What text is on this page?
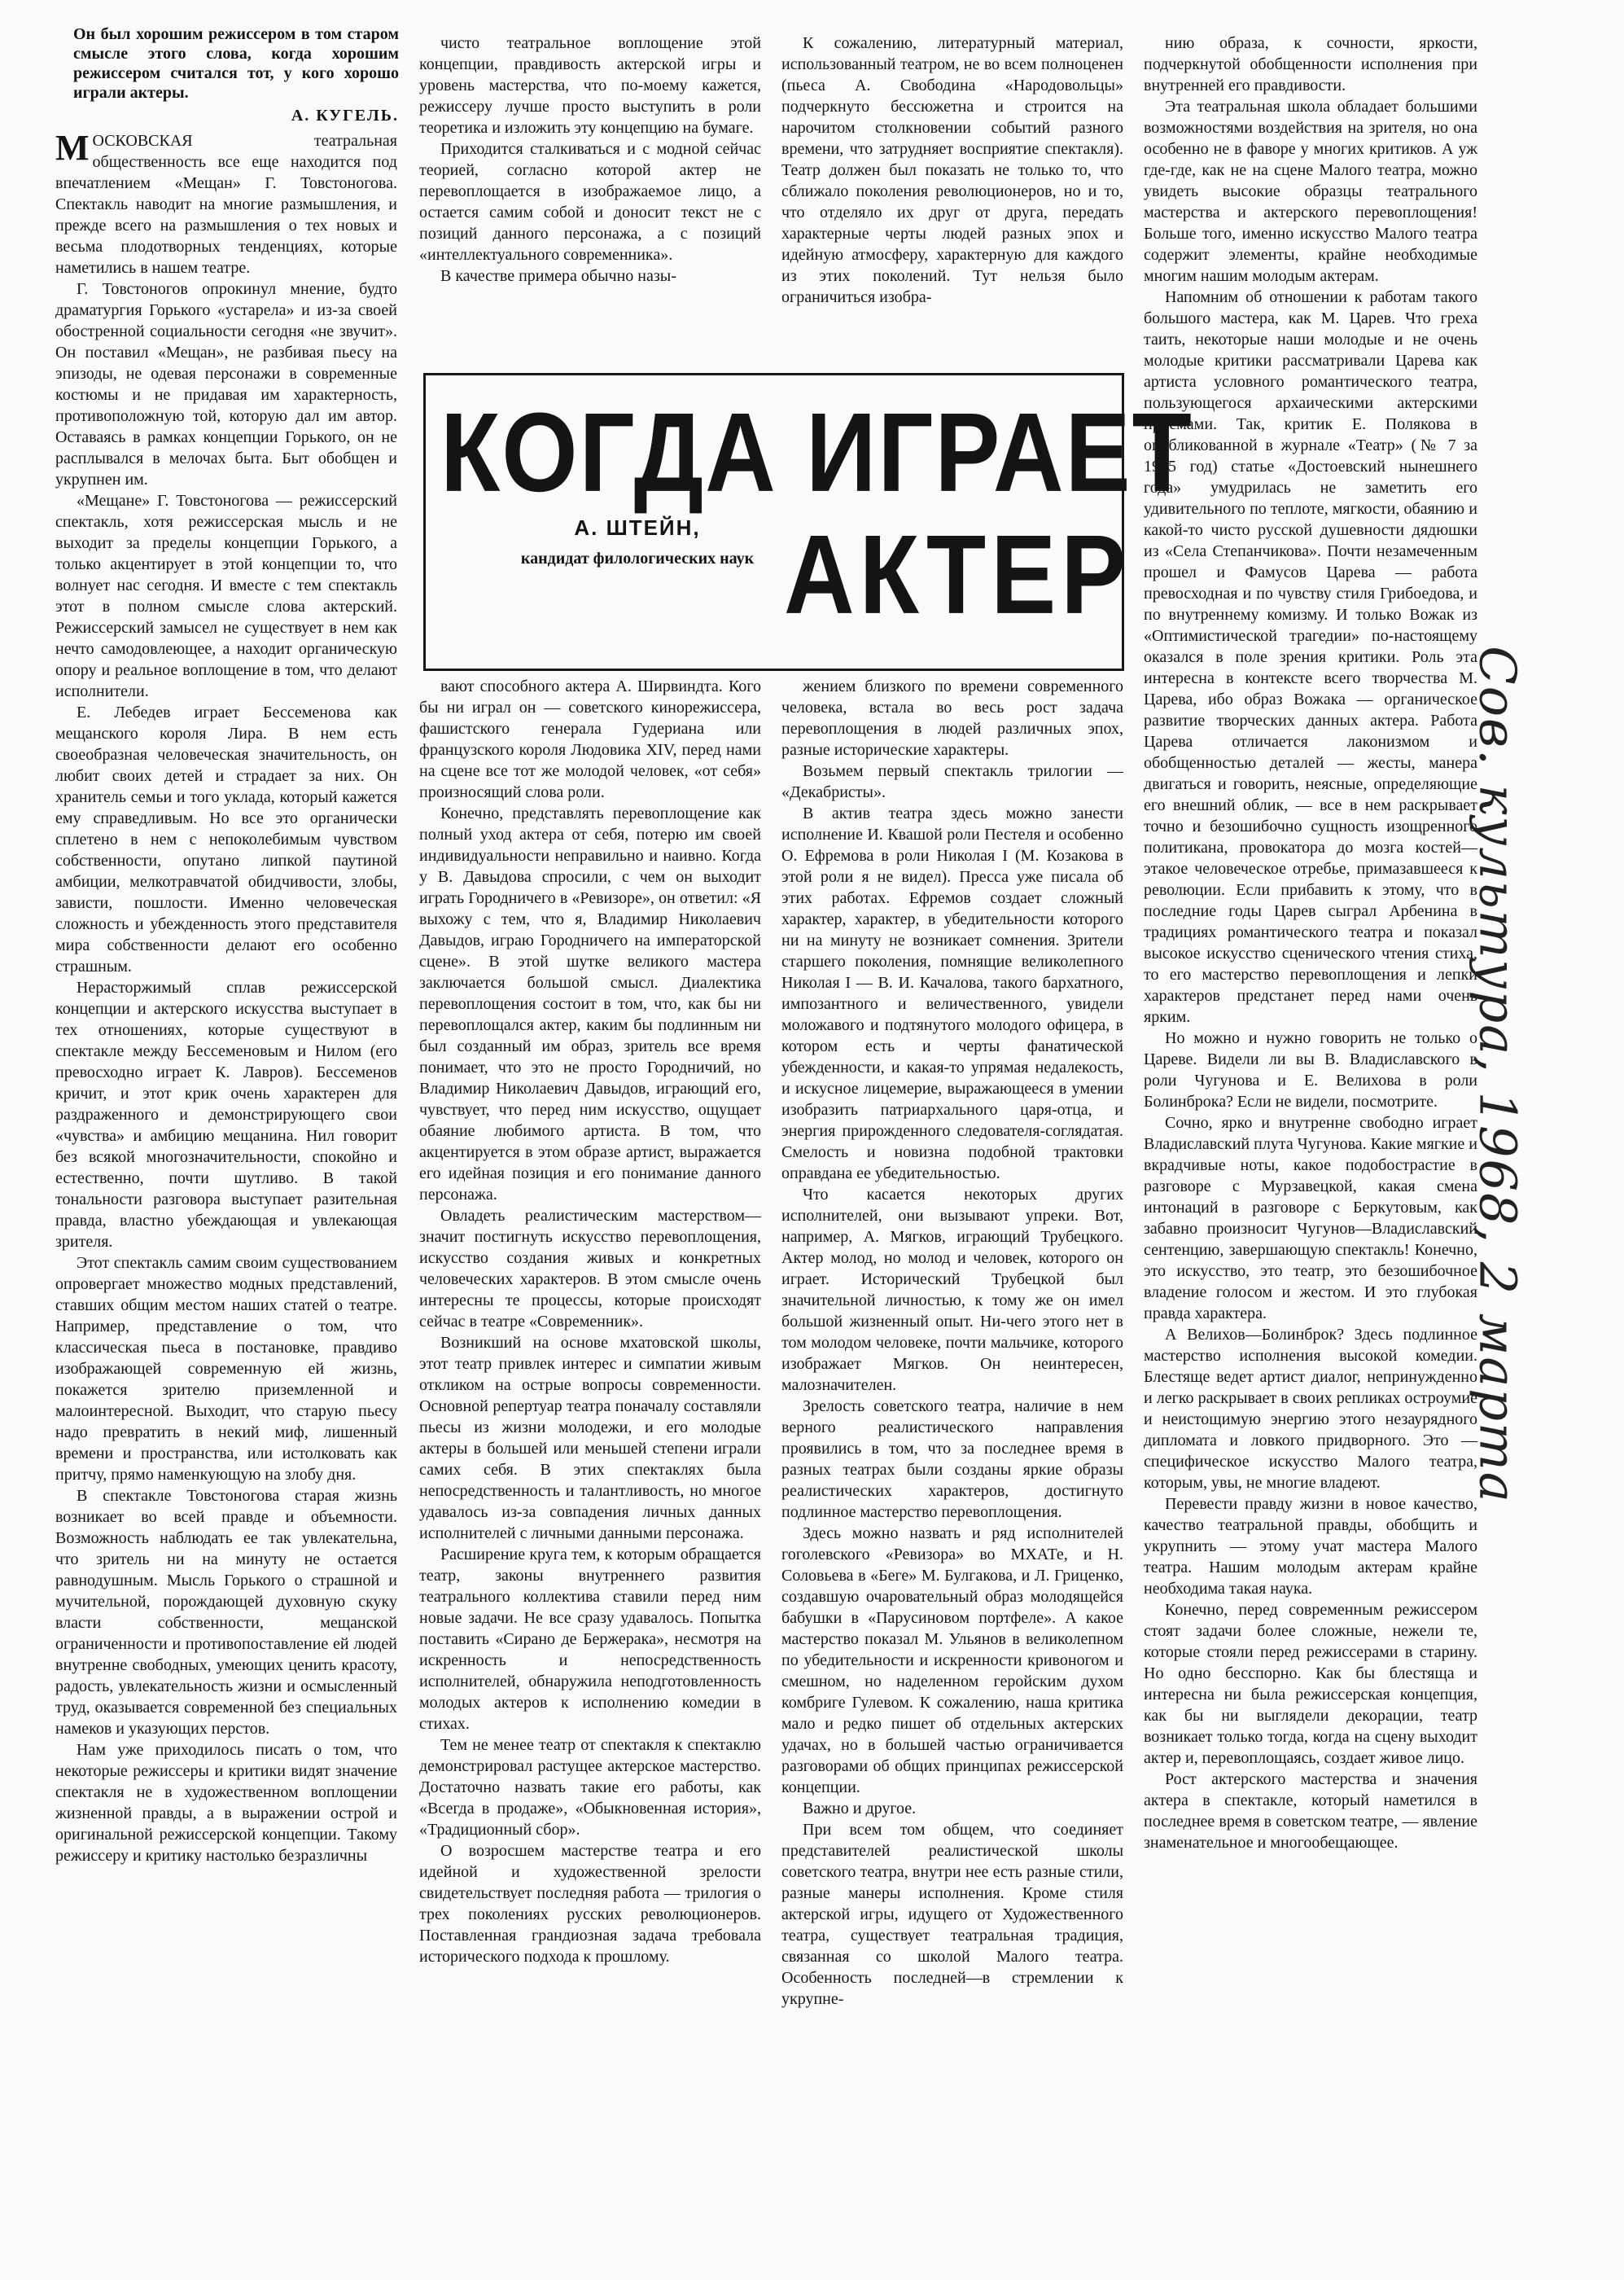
Он был хорошим режиссером в том старом смысле этого слова, когда хорошим режиссером считался тот, у кого хорошо играли актеры.
А. КУГЕЛЬ.

МОСКОВСКАЯ театральная общественность все еще находится под впечатлением «Мещан» Г. Товстоногова. Спектакль наводит на многие размышления, и прежде всего на размышления о тех новых и весьма плодотворных тенденциях, которые наметились в нашем театре.

Г. Товстоногов опрокинул мнение, будто драматургия Горького «устарела» и из-за своей обостренной социальности сегодня «не звучит». Он поставил «Мещан», не разбивая пьесу на эпизоды, не одевая персонажи в современные костюмы и не придавая им характерность, противоположную той, которую дал им автор. Оставаясь в рамках концепции Горького, он не расплывался в мелочах быта. Быт обобщен и укрупнен им.

«Мещане» Г. Товстоногова — режиссерский спектакль, хотя режиссерская мысль и не выходит за пределы концепции Горького, а только акцентирует в этой концепции то, что волнует нас сегодня. И вместе с тем спектакль этот в полном смысле слова актерский. Режиссерский замысел не существует в нем как нечто самодовлеющее, а находит органическую опору и реальное воплощение в том, что делают исполнители.

Е. Лебедев играет Бессеменова как мещанского короля Лира. В нем есть своеобразная человеческая значительность, он любит своих детей и страдает за них. Он хранитель семьи и того уклада, который кажется ему справедливым. Но все это органически сплетено в нем с непоколебимым чувством собственности, опутано липкой паутиной амбиции, мелкотравчатой обидчивости, злобы, зависти, пошлости. Именно человеческая сложность и убежденность этого представителя мира собственности делают его особенно страшным.

Нерасторжимый сплав режиссерской концепции и актерского искусства выступает в тех отношениях, которые существуют в спектакле между Бессеменовым и Нилом (его превосходно играет К. Лавров). Бессеменов кричит, и этот крик очень характерен для раздраженного и демонстрирующего свои «чувства» и амбицию мещанина. Нил говорит без всякой многозначительности, спокойно и естественно, почти шутливо. В такой тональности разговора выступает разительная правда, властно убеждающая и увлекающая зрителя.

Этот спектакль самим своим существованием опровергает множество модных представлений, ставших общим местом наших статей о театре. Например, представление о том, что классическая пьеса в постановке, правдиво изображающей современную ей жизнь, покажется зрителю приземленной и малоинтересной. Выходит, что старую пьесу надо превратить в некий миф, лишенный времени и пространства, или истолковать как притчу, прямо наменкующую на злобу дня.

В спектакле Товстоногова старая жизнь возникает во всей правде и объемности. Возможность наблюдать ее так увлекательна, что зритель ни на минуту не остается равнодушным. Мысль Горького о страшной и мучительной, порождающей духовную скуку власти собственности, мещанской ограниченности и противопоставление ей людей внутренне свободных, умеющих ценить красоту, радость, увлекательность жизни и осмысленный труд, оказывается современной без специальных намеков и указующих перстов.

Нам уже приходилось писать о том, что некоторые режиссеры и критики видят значение спектакля не в художественном воплощении жизненной правды, а в выражении острой и оригинальной режиссерской концепции. Такому режиссеру и критику настолько безразличны

чисто театральное воплощение этой концепции, правдивость актерской игры и уровень мастерства, что по-моему кажется, режиссеру лучше просто выступить в роли теоретика и изложить эту концепцию на бумаге.

Приходится сталкиваться и с модной сейчас теорией, согласно которой актер не перевоплощается в изображаемое лицо, а остается самим собой и доносит текст не с позиций данного персонажа, а с позиций «интеллектуального современника».

В качестве примера обычно назы-

К сожалению, литературный материал, использованный театром, не во всем полноценен (пьеса А. Свободина «Народовольцы» подчеркнуто бессюжетна и строится на нарочитом столкновении событий разного времени, что затрудняет восприятие спектакля). Театр должен был показать не только то, что сближало поколения революционеров, но и то, что отделяло их друг от друга, передать характерные черты людей разных эпох и идейную атмосферу, характерную для каждого из этих поколений. Тут нельзя было ограничиться изобра-

КОГДА ИГРАЕТ
А. ШТЕЙН,
кандидат филологических наук АКТЕР

вают способного актера А. Ширвиндта. Кого бы ни играл он — советского кинорежиссера, фашистского генерала Гудериана или французского короля Людовика XIV, перед нами на сцене все тот же молодой человек, «от себя» произносящий слова роли.

Конечно, представлять перевоплощение как полный уход актера от себя, потерю им своей индивидуальности неправильно и наивно. Когда у В. Давыдова спросили, с чем он выходит играть Городничего в «Ревизоре», он ответил: «Я выхожу с тем, что я, Владимир Николаевич Давыдов, играю Городничего на императорской сцене». В этой шутке великого мастера заключается большой смысл. Диалектика перевоплощения состоит в том, что, как бы ни перевоплощался актер, каким бы подлинным ни был созданный им образ, зритель все время понимает, что это не просто Городничий, но Владимир Николаевич Давыдов, играющий его, чувствует, что перед ним искусство, ощущает обаяние любимого артиста. В том, что акцентируется в этом образе артист, выражается его идейная позиция и его понимание данного персонажа.

Овладеть реалистическим мастерством—значит постигнуть искусство перевоплощения, искусство создания живых и конкретных человеческих характеров. В этом смысле очень интересны те процессы, которые происходят сейчас в театре «Современник».

Возникший на основе мхатовской школы, этот театр привлек интерес и симпатии живым откликом на острые вопросы современности. Основной репертуар театра поначалу составляли пьесы из жизни молодежи, и его молодые актеры в большей или меньшей степени играли самих себя. В этих спектаклях была непосредственность и талантливость, но многое удавалось из-за совпадения личных данных исполнителей с личными данными персонажа.

Расширение круга тем, к которым обращается театр, законы внутреннего развития театрального коллектива ставили перед ним новые задачи. Не все сразу удавалось. Попытка поставить «Сирано де Бержерака», несмотря на искренность и непосредственность исполнителей, обнаружила неподготовленность молодых актеров к исполнению комедии в стихах.

Тем не менее театр от спектакля к спектаклю демонстрировал растущее актерское мастерство. Достаточно назвать такие его работы, как «Всегда в продаже», «Обыкновенная история», «Традиционный сбор».

О возросшем мастерстве театра и его идейной и художественной зрелости свидетельствует последняя работа — трилогия о трех поколениях русских революционеров. Поставленная грандиозная задача требовала исторического подхода к прошлому.

жением близкого по времени современного человека, встала во весь рост задача перевоплощения в людей различных эпох, разные исторические характеры.

Возьмем первый спектакль трилогии — «Декабристы».

В актив театра здесь можно занести исполнение И. Квашой роли Пестеля и особенно О. Ефремова в роли Николая I (М. Козакова в этой роли я не видел). Пресса уже писала об этих работах. Ефремов создает сложный характер, характер, в убедительности которого ни на минуту не возникает сомнения. Зрители старшего поколения, помнящие великолепного Николая I — В. И. Качалова, такого бархатного, импозантного и величественного, увидели моложавого и подтянутого молодого офицера, в котором есть и черты фанатической убежденности, и какая-то упрямая недалекость, и искусное лицемерие, выражающееся в умении изобразить патриархального царя-отца, и энергия прирожденного следователя-соглядатая. Смелость и новизна подобной трактовки оправдана ее убедительностью.

Что касается некоторых других исполнителей, они вызывают упреки. Вот, например, А. Мягков, играющий Трубецкого. Актер молод, но молод и человек, которого он играет. Исторический Трубецкой был значительной личностью, к тому же он имел большой жизненный опыт. Ни-чего этого нет в том молодом человеке, почти мальчике, которого изображает Мягков. Он неинтересен, малозначителен.

Зрелость советского театра, наличие в нем верного реалистического направления проявились в том, что за последнее время в разных театрах были созданы яркие образы реалистических характеров, достигнуто подлинное мастерство перевоплощения.

Здесь можно назвать и ряд исполнителей гоголевского «Ревизора» во МХАТе, и Н. Соловьева в «Беге» М. Булгакова, и Л. Гриценко, создавшую очаровательный образ молодящейся бабушки в «Парусиновом портфеле». А какое мастерство показал М. Ульянов в великолепном по убедительности и искренности кривоногом и смешном, но наделенном геройским духом комбриге Гулевом. К сожалению, наша критика мало и редко пишет об отдельных актерских удачах, но в большей частью ограничивается разговорами об общих принципах режиссерской концепции.

Важно и другое.

При всем том общем, что соединяет представителей реалистической школы советского театра, внутри нее есть разные стили, разные манеры исполнения. Кроме стиля актерской игры, идущего от Художественного театра, существует театральная традиция, связанная со школой Малого театра. Особенность последней—в стремлении к укрупне-

нию образа, к сочности, яркости, подчеркнутой обобщенности исполнения при внутренней его правдивости.

Эта театральная школа обладает большими возможностями воздействия на зрителя, но она особенно не в фаворе у многих критиков. А уж где-где, как не на сцене Малого театра, можно увидеть высокие образцы театрального мастерства и актерского перевоплощения! Больше того, именно искусство Малого театра содержит элементы, крайне необходимые многим нашим молодым актерам.

Напомним об отношении к работам такого большого мастера, как М. Царев. Что греха таить, некоторые наши молодые и не очень молодые критики рассматривали Царева как артиста условного романтического театра, пользующегося архаическими актерскими приемами. Так, критик Е. Полякова в опубликованной в журнале «Театр» (№ 7 за 1965 год) статье «Достоевский нынешнего года» умудрилась не заметить его удивительного по теплоте, мягкости, обаянию и какой-то чисто русской душевности дядюшки из «Села Степанчикова». Почти незамеченным прошел и Фамусов Царева — работа превосходная и по чувству стиля Грибоедова, и по внутреннему комизму. И только Вожак из «Оптимистической трагедии» по-настоящему оказался в поле зрения критики. Роль эта интересна в контексте всего творчества М. Царева, ибо образ Вожака — органическое развитие творческих данных актера. Работа Царева отличается лаконизмом и обобщенностью деталей — жесты, манера двигаться и говорить, неясные, определяющие его внешний облик, — все в нем раскрывает точно и безошибочно сущность изощренного политикана, провокатора до мозга костей—этакое человеческое отребье, примазавшееся к революции. Если прибавить к этому, что в последние годы Царев сыграл Арбенина в традициях романтического театра и показал высокое искусство сценического чтения стиха, то его мастерство перевоплощения и лепки характеров предстанет перед нами очень ярким.

Но можно и нужно говорить не только о Цареве. Видели ли вы В. Владиславского в роли Чугунова и Е. Велихова в роли Болинброка? Если не видели, посмотрите.

Сочно, ярко и внутренне свободно играет Владиславский плута Чугунова. Какие мягкие и вкрадчивые ноты, какое подобострастие в разговоре с Мурзавецкой, какая смена интонаций в разговоре с Беркутовым, как забавно произносит Чугунов—Владиславский сентенцию, завершающую спектакль! Конечно, это искусство, это театр, это безошибочное владение голосом и жестом. И это глубокая правда характера.

А Велихов—Болинброк? Здесь подлинное мастерство исполнения высокой комедии. Блестяще ведет артист диалог, непринужденно и легко раскрывает в своих репликах остроумие и неистощимую энергию этого незаурядного дипломата и ловкого придворного. Это — специфическое искусство Малого театра, которым, увы, не многие владеют.

Перевести правду жизни в новое качество, качество театральной правды, обобщить и укрупнить — этому учат мастера Малого театра. Нашим молодым актерам крайне необходима такая наука.

Конечно, перед современным режиссером стоят задачи более сложные, нежели те, которые стояли перед режиссерами в старину. Но одно бесспорно. Как бы блестяща и интересна ни была режиссерская концепция, как бы ни выглядели декорации, театр возникает только тогда, когда на сцену выходит актер и, перевоплощаясь, создает живое лицо.

Рост актерского мастерства и значения актера в спектакле, который наметился в последнее время в советском театре, — явление знаменательное и многообещающее.

Сов. культура, 1968, 2 марта
